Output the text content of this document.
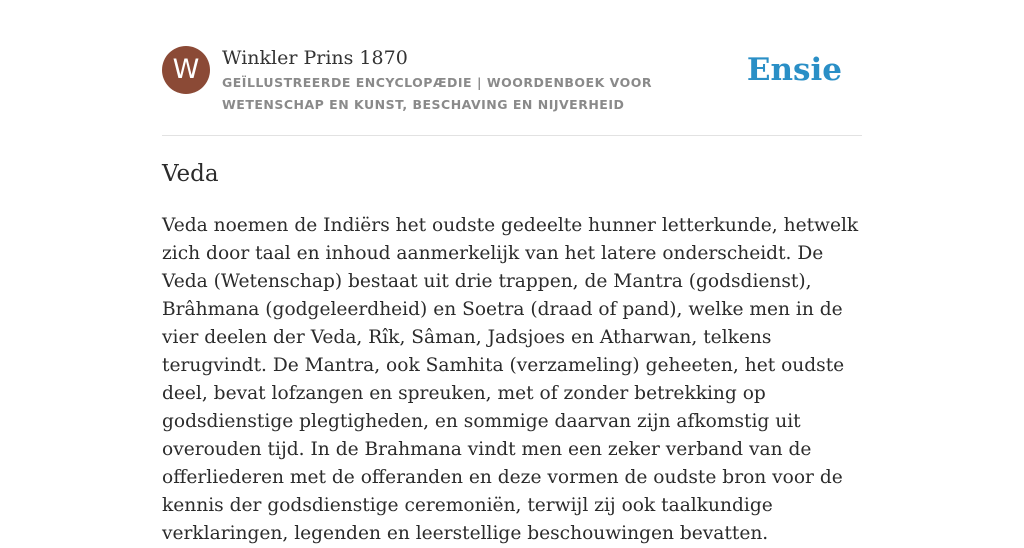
W	Winkler Prins 1870
GEÏLLUSTREERDE ENCYCLOPÆDIE | WOORDENBOEK VOOR WETENSCHAP EN KUNST, BESCHAVING EN NIJVERHEID
Ensie
Veda

Veda noemen de Indiërs het oudste gedeelte hunner letterkunde, hetwelk zich door taal en inhoud aanmerkelijk van het latere onderscheidt. De Veda (Wetenschap) bestaat uit drie trappen, de Mantra (godsdienst), Brâhmana (godgeleerdheid) en Soetra (draad of pand), welke men in de vier deelen der Veda, Rîk, Sâman, Jadsjoes en Atharwan, telkens terugvindt. De Mantra, ook Samhita (verzameling) geheeten, het oudste deel, bevat lofzangen en spreuken, met of zonder betrekking op godsdienstige plegtigheden, en sommige daarvan zijn afkomstig uit overouden tijd. In de Brahmana vindt men een zeker verband van de offerliederen met de offeranden en deze vormen de oudste bron voor de kennis der godsdienstige ceremoniën, terwijl zij ook taalkundige verklaringen, legenden en leerstellige beschouwingen bevatten.
